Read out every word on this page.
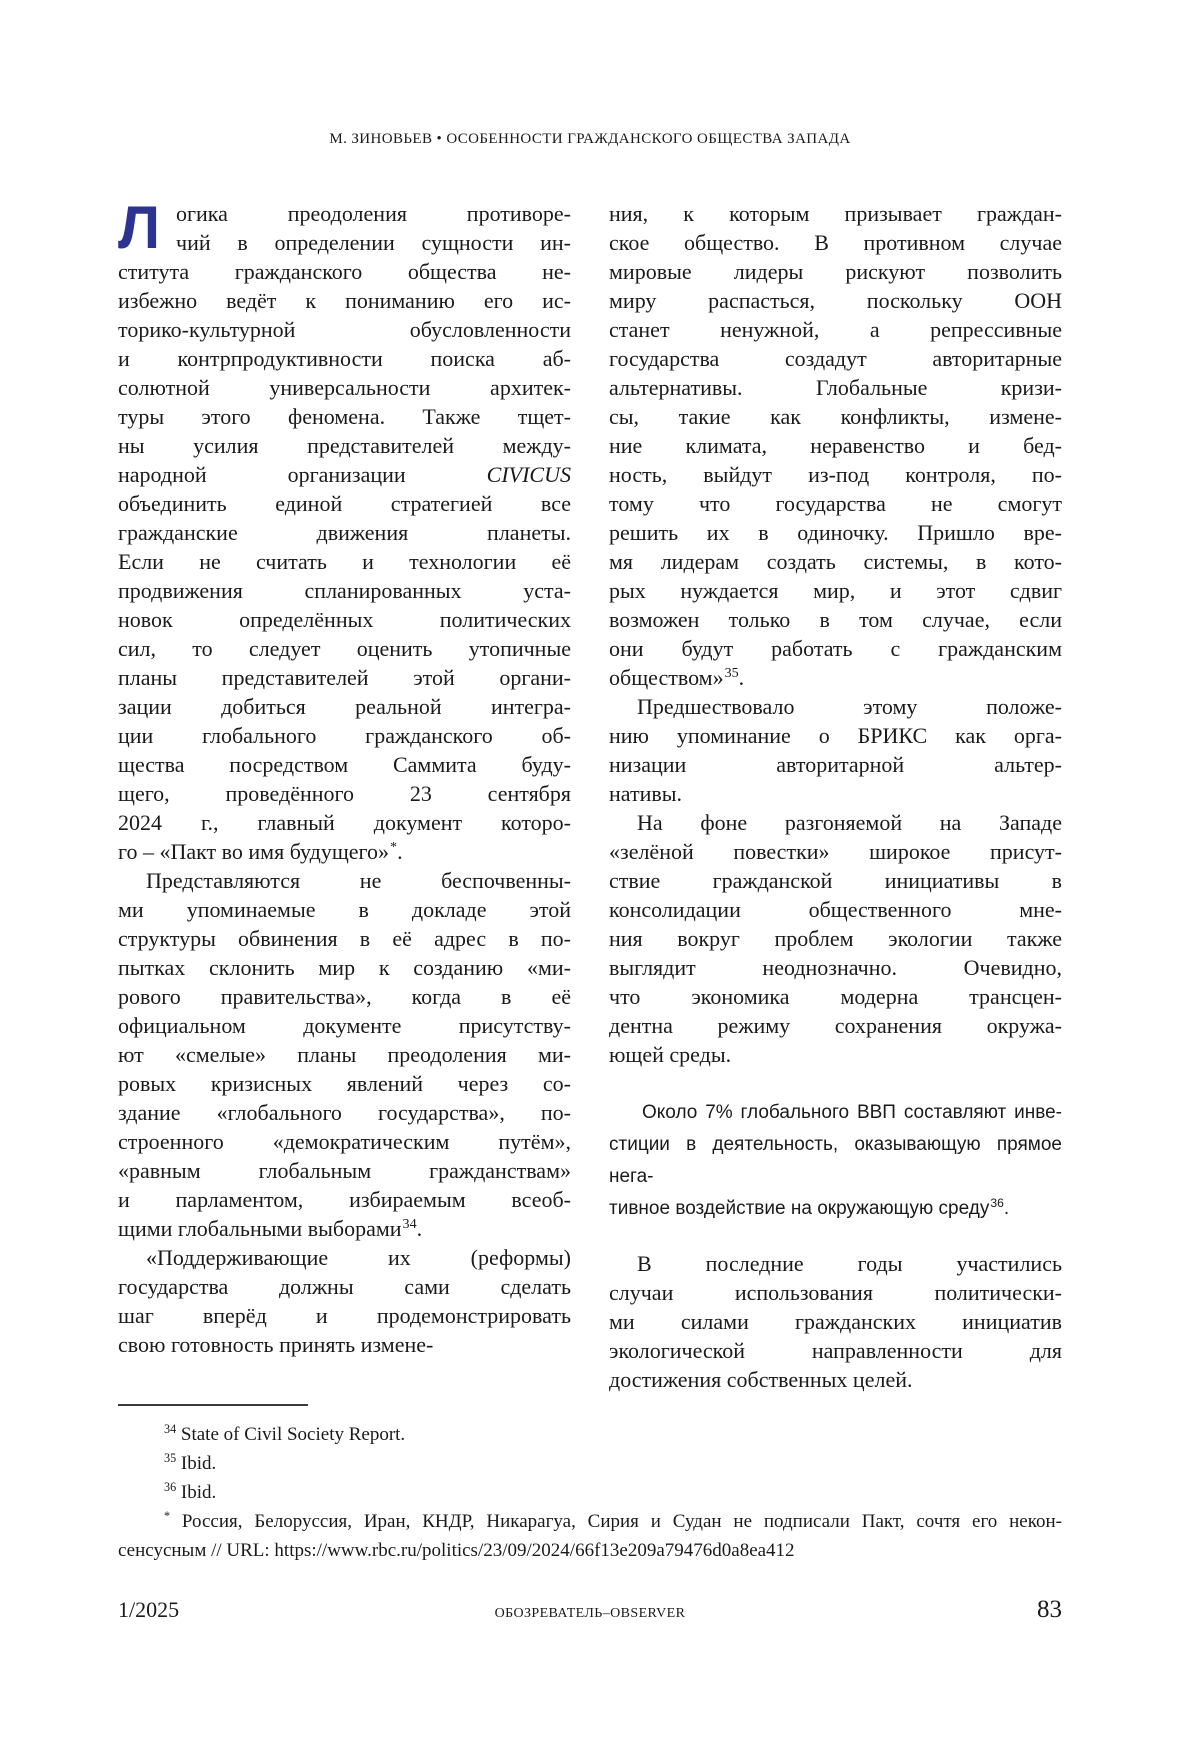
М. ЗИНОВЬЕВ • ОСОБЕННОСТИ ГРАЖДАНСКОГО ОБЩЕСТВА ЗАПАДА
Л огика преодоления противоре-
чий в определении сущности ин-
ститута гражданского общества не-
избежно ведёт к пониманию его ис-
торико-культурной обусловленности
и контрпродуктивности поиска аб-
солютной универсальности архитек-
туры этого феномена. Также тщет-
ны усилия представителей между-
народной организации CIVICUS
объединить единой стратегией все
гражданские движения планеты.
Если не считать и технологии её
продвижения спланированных уста-
новок определённых политических
сил, то следует оценить утопичные
планы представителей этой органи-
зации добиться реальной интегра-
ции глобального гражданского об-
щества посредством Саммита буду-
щего, проведённого 23 сентября
2024 г., главный документ которо-
го – «Пакт во имя будущего»*.
Представляются не беспочвенны-
ми упоминаемые в докладе этой
структуры обвинения в её адрес в по-
пытках склонить мир к созданию «ми-
рового правительства», когда в её
официальном документе присутству-
ют «смелые» планы преодоления ми-
ровых кризисных явлений через со-
здание «глобального государства», по-
строенного «демократическим путём»,
«равным глобальным гражданствам»
и парламентом, избираемым всеоб-
щими глобальными выборами$^{34}$.
«Поддерживающие их (реформы)
государства должны сами сделать
шаг вперёд и продемонстрировать
свою готовность принять измене-
ния, к которым призывает граждан-
ское общество. В противном случае
мировые лидеры рискуют позволить
миру распасться, поскольку ООН
станет ненужной, а репрессивные
государства создадут авторитарные
альтернативы. Глобальные кризи-
сы, такие как конфликты, измене-
ние климата, неравенство и бед-
ность, выйдут из-под контроля, по-
тому что государства не смогут
решить их в одиночку. Пришло вре-
мя лидерам создать системы, в кото-
рых нуждается мир, и этот сдвиг
возможен только в том случае, если
они будут работать с гражданским
обществом»$^{35}$.
Предшествовало этому положе-
нию упоминание о БРИКС как орга-
низации авторитарной альтер-
нативы.
На фоне разгоняемой на Западе
«зелёной повестки» широкое присут-
ствие гражданской инициативы в
консолидации общественного мне-
ния вокруг проблем экологии также
выглядит неоднозначно. Очевидно,
что экономика модерна трансцен-
дентна режиму сохранения окружа-
ющей среды.
Около 7% глобального ВВП составляют инве-
стиции в деятельность, оказывающую прямое нега-
тивное воздействие на окружающую среду$^{36}$.
В последние годы участились
случаи использования политически-
ми силами гражданских инициатив
экологической направленности для
достижения собственных целей.
$^{34}$ State of Civil Society Report.
$^{35}$ Ibid.
$^{36}$ Ibid.
* Россия, Белоруссия, Иран, КНДР, Никарагуа, Сирия и Судан не подписали Пакт, сочтя его некон-
сенсусным // URL: https://www.rbc.ru/politics/23/09/2024/66f13e209a79476d0a8ea412
1/2025	ОБОЗРЕВАТЕЛЬ–OBSERVER	83
